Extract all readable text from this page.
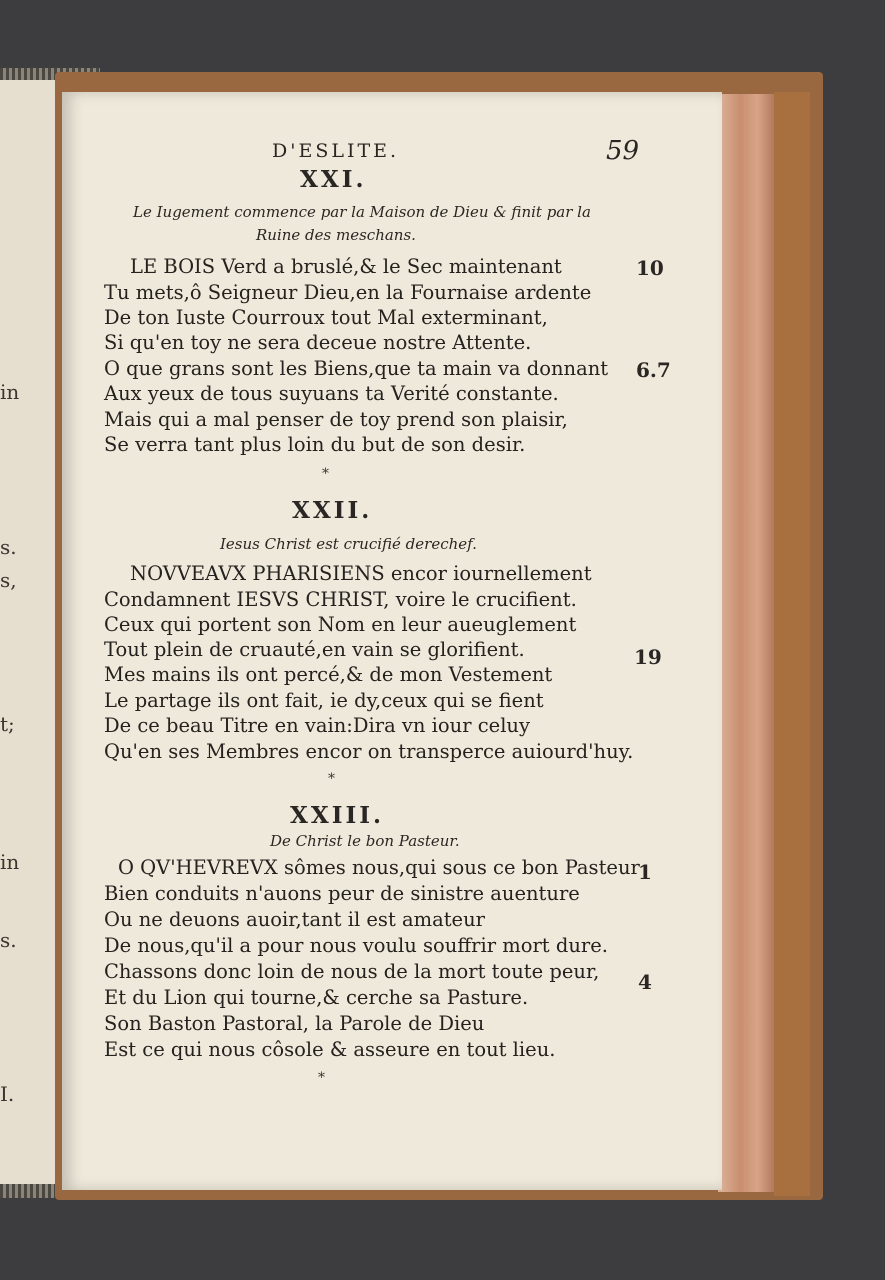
in
s.
s,
t;
in
s.
I.
D'ESLITE.	59
XXI.
Le Iugement commence par la Maison de Dieu & finit par la
Ruine des meschans.
LE BOIS Verd a bruslé,& le Sec maintenant
Tu mets,ô Seigneur Dieu,en la Fournaise ardente
De ton Iuste Courroux tout Mal exterminant,
Si qu'en toy ne sera deceue nostre Attente.
O que grans sont les Biens,que ta main va donnant
Aux yeux de tous suyuans ta Verité constante.
Mais qui a mal penser de toy prend son plaisir,
Se verra tant plus loin du but de son desir.
10
6.7
*
XXII.
Iesus Christ est crucifié derechef.
NOVVEAVX PHARISIENS encor iournellement
Condamnent IESVS CHRIST, voire le crucifient.
Ceux qui portent son Nom en leur aueuglement
Tout plein de cruauté,en vain se glorifient.
Mes mains ils ont percé,& de mon Vestement
Le partage ils ont fait, ie dy,ceux qui se fient
De ce beau Titre en vain:Dira vn iour celuy
Qu'en ses Membres encor on transperce auiourd'huy.
19
*
XXIII.
De Christ le bon Pasteur.
O QV'HEVREVX sômes nous,qui sous ce bon Pasteur
Bien conduits n'auons peur de sinistre auenture
Ou ne deuons auoir,tant il est amateur
De nous,qu'il a pour nous voulu souffrir mort dure.
Chassons donc loin de nous de la mort toute peur,
Et du Lion qui tourne,& cerche sa Pasture.
Son Baston Pastoral, la Parole de Dieu
Est ce qui nous côsole & asseure en tout lieu.
1
4
*
